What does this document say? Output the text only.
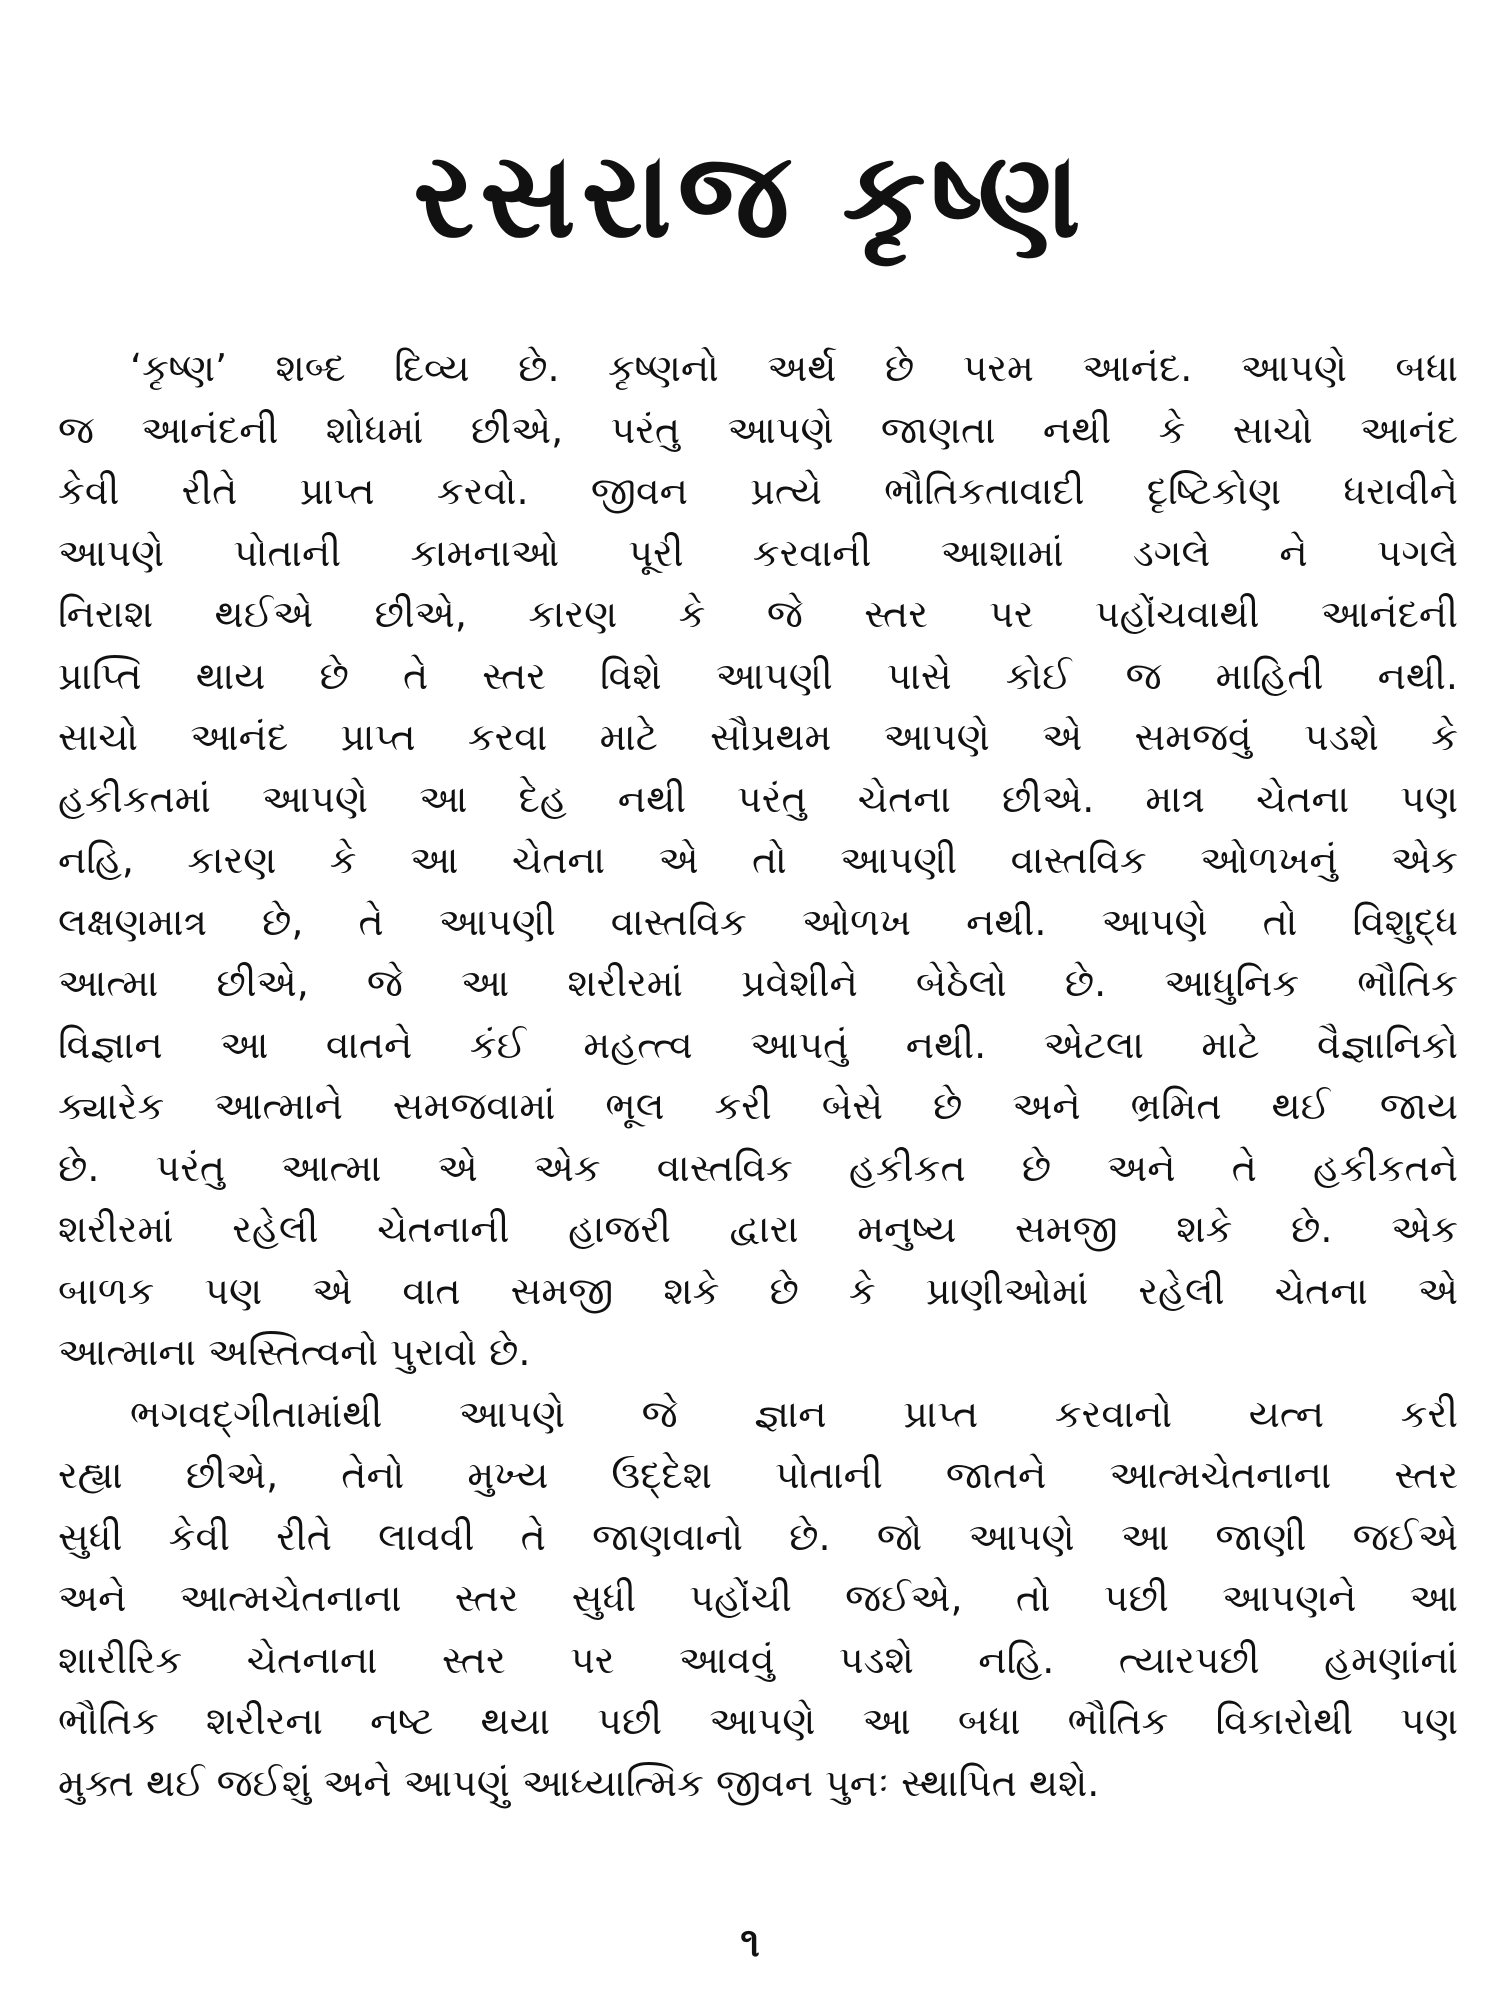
રસરાજ કૃષ્ણ
‘કૃષ્ણ’ શબ્દ દિવ્ય છે. કૃષ્ણનો અર્થ છે પરમ આનંદ. આપણે બધા
જ આનંદની શોધમાં છીએ, પરંતુ આપણે જાણતા નથી કે સાચો આનંદ
કેવી રીતે પ્રાપ્ત કરવો. જીવન પ્રત્યે ભૌતિકતાવાદી દૃષ્ટિકોણ ધરાવીને
આપણે પોતાની કામનાઓ પૂરી કરવાની આશામાં ડગલે ને પગલે
નિરાશ થઈએ છીએ, કારણ કે જે સ્તર પર પહોંચવાથી આનંદની
પ્રાપ્તિ થાય છે તે સ્તર વિશે આપણી પાસે કોઈ જ માહિતી નથી.
સાચો આનંદ પ્રાપ્ત કરવા માટે સૌપ્રથમ આપણે એ સમજવું પડશે કે
હકીકતમાં આપણે આ દેહ નથી પરંતુ ચેતના છીએ. માત્ર ચેતના પણ
નહિ, કારણ કે આ ચેતના એ તો આપણી વાસ્તવિક ઓળખનું એક
લક્ષણમાત્ર છે, તે આપણી વાસ્તવિક ઓળખ નથી. આપણે તો વિશુદ્ધ
આત્મા છીએ, જે આ શરીરમાં પ્રવેશીને બેઠેલો છે. આધુનિક ભૌતિક
વિજ્ઞાન આ વાતને કંઈ મહત્ત્વ આપતું નથી. એટલા માટે વૈજ્ઞાનિકો
ક્યારેક આત્માને સમજવામાં ભૂલ કરી બેસે છે અને ભ્રમિત થઈ જાય
છે. પરંતુ આત્મા એ એક વાસ્તવિક હકીકત છે અને તે હકીકતને
શરીરમાં રહેલી ચેતનાની હાજરી દ્વારા મનુષ્ય સમજી શકે છે. એક
બાળક પણ એ વાત સમજી શકે છે કે પ્રાણીઓમાં રહેલી ચેતના એ
આત્માના અસ્તિત્વનો પુરાવો છે.
ભગવદ્‌ગીતામાંથી આપણે જે જ્ઞાન પ્રાપ્ત કરવાનો યત્ન કરી
રહ્યા છીએ, તેનો મુખ્ય ઉદ્દેશ પોતાની જાતને આત્મચેતનાના સ્તર
સુધી કેવી રીતે લાવવી તે જાણવાનો છે. જો આપણે આ જાણી જઈએ
અને આત્મચેતનાના સ્તર સુધી પહોંચી જઈએ, તો પછી આપણને આ
શારીરિક ચેતનાના સ્તર પર આવવું પડશે નહિ. ત્યારપછી હમણાંનાં
ભૌતિક શરીરના નષ્ટ થયા પછી આપણે આ બધા ભૌતિક વિકારોથી પણ
મુક્ત થઈ જઈશું અને આપણું આધ્યાત્મિક જીવન પુનઃ સ્થાપિત થશે.
૧
